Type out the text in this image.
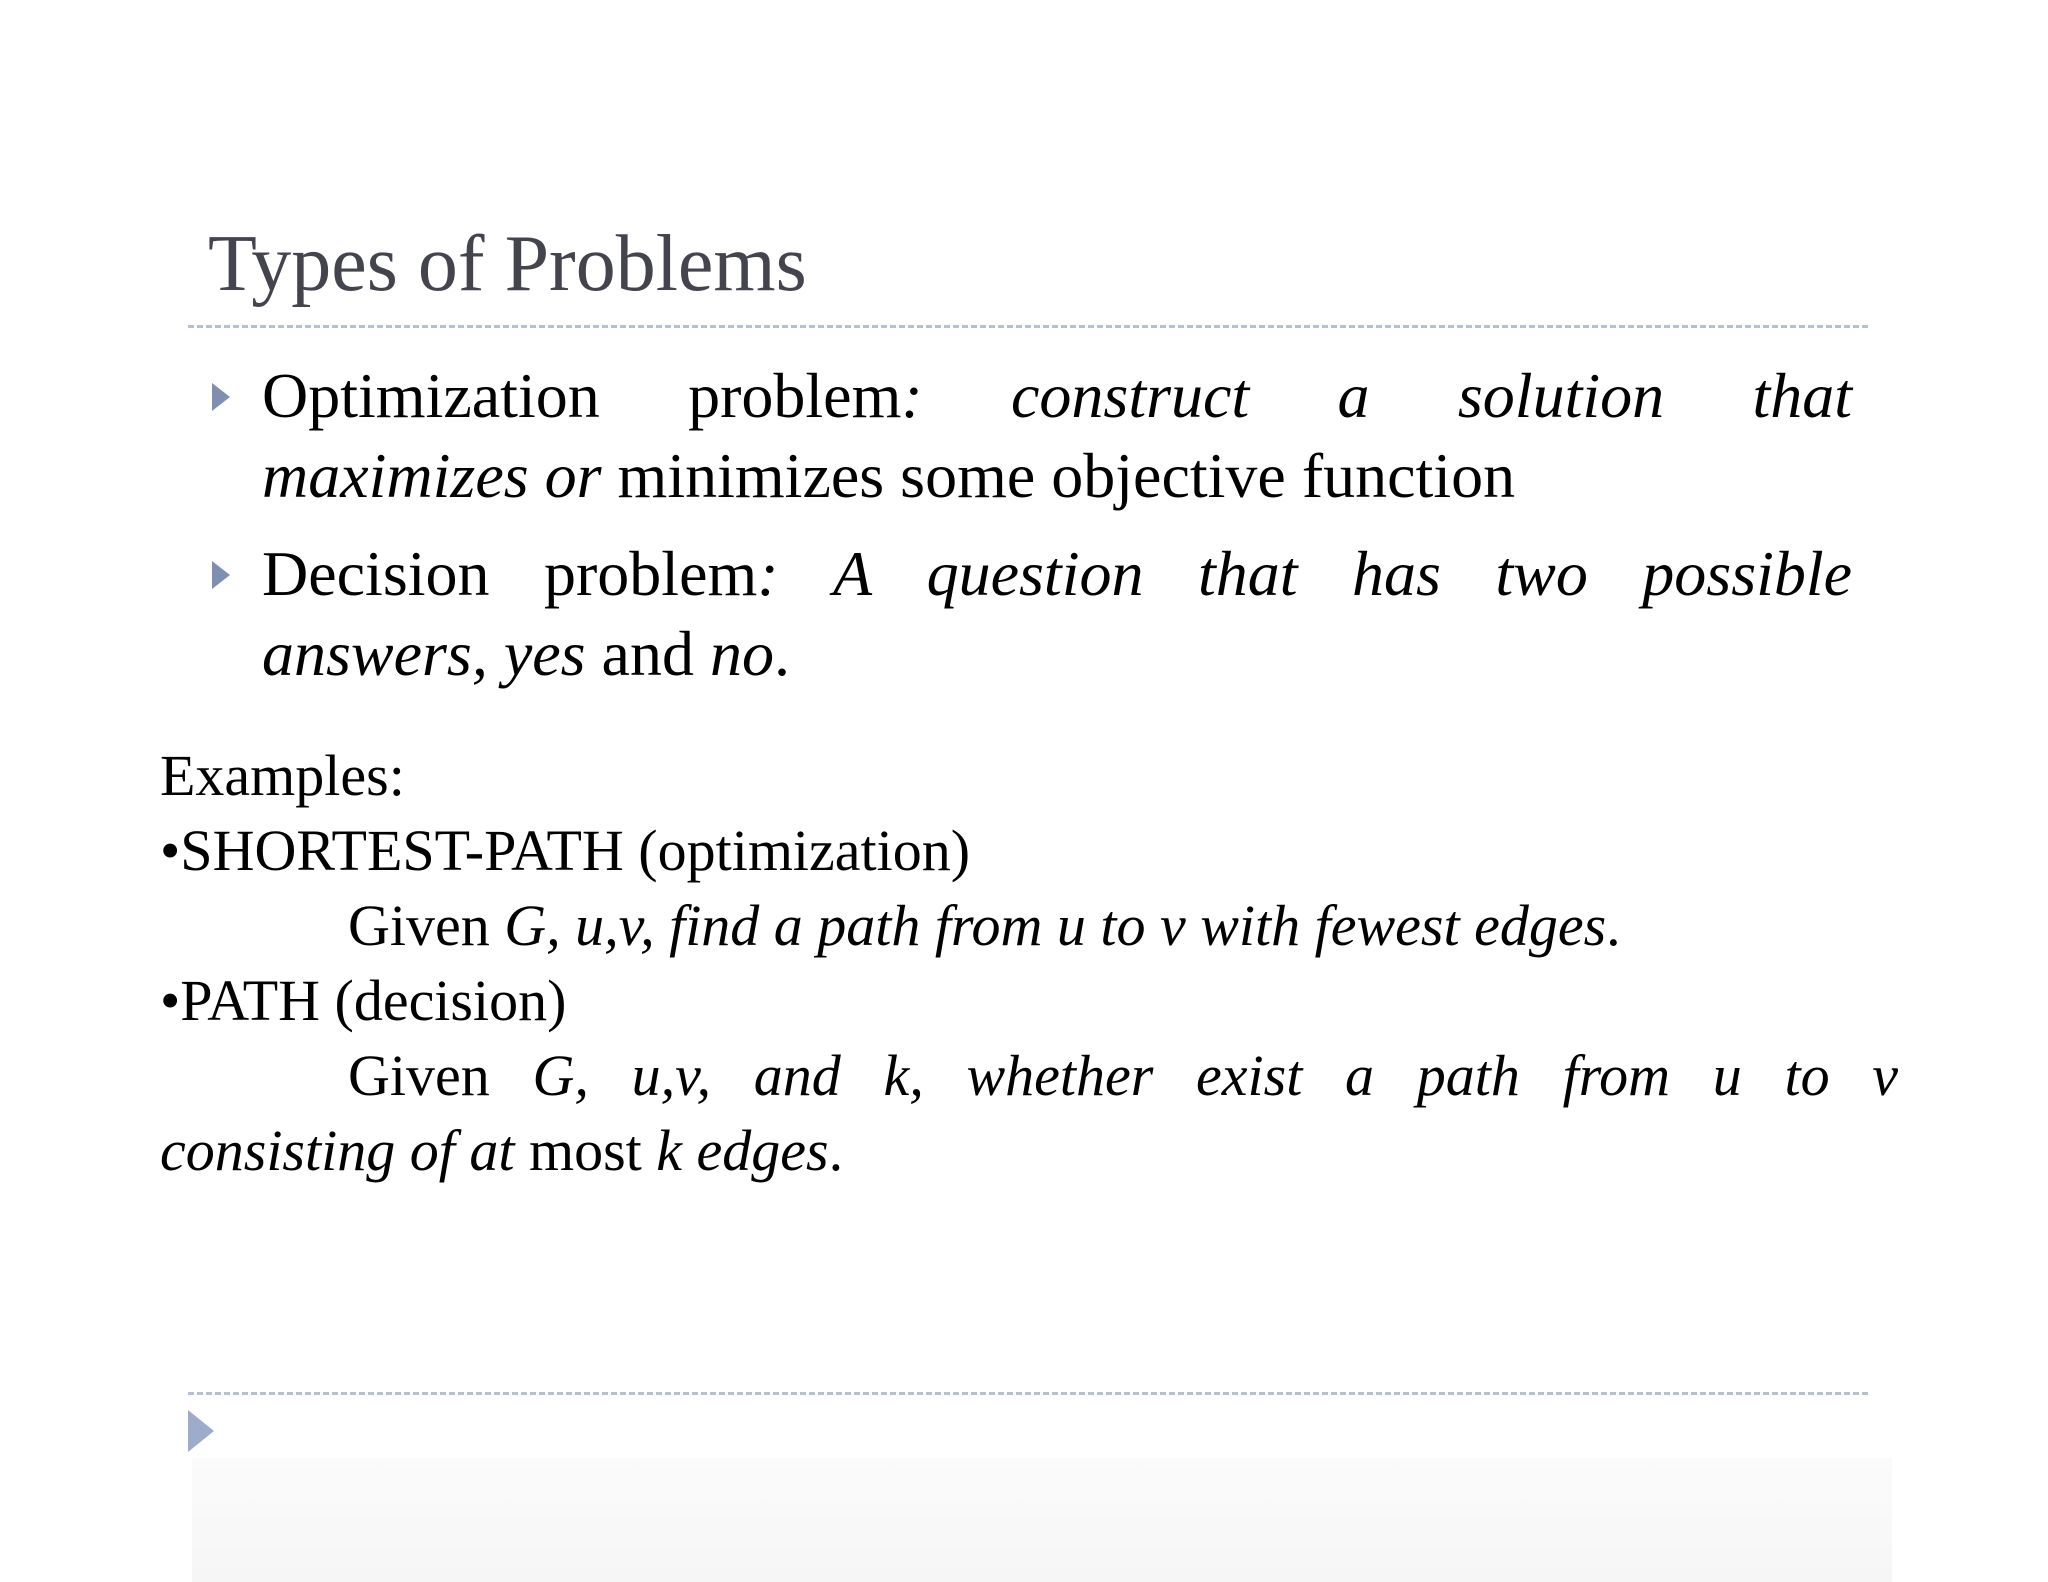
Types of Problems
Optimization problem: construct a solution that
maximizes or minimizes some objective function
Decision problem: A question that has two possible
answers, yes and no.
Examples:
•SHORTEST-PATH (optimization)
Given G, u,v, find a path from u to v with fewest edges.
•PATH (decision)
Given G, u,v, and k, whether exist a path from u to v
consisting of at most k edges.
